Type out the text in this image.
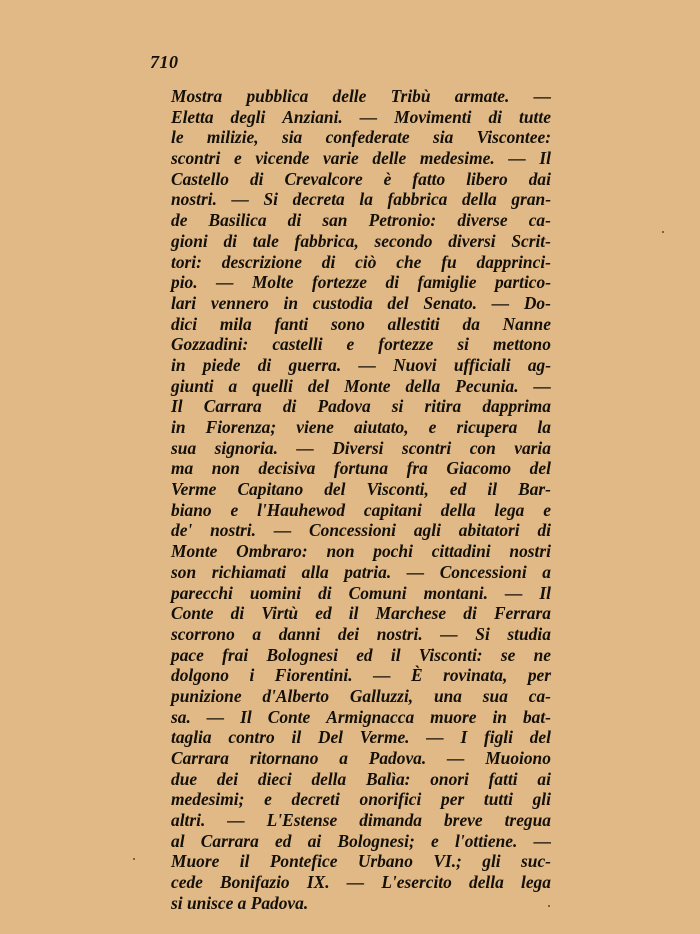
710
Mostra pubblica delle Tribù armate. —
Eletta degli Anziani. — Movimenti di tutte
le milizie, sia confederate sia Viscontee:
scontri e vicende varie delle medesime. — Il
Castello di Crevalcore è fatto libero dai
nostri. — Si decreta la fabbrica della gran-
de Basilica di san Petronio: diverse ca-
gioni di tale fabbrica, secondo diversi Scrit-
tori: descrizione di ciò che fu dapprinci-
pio. — Molte fortezze di famiglie partico-
lari vennero in custodia del Senato. — Do-
dici mila fanti sono allestiti da Nanne
Gozzadini: castelli e fortezze si mettono
in piede di guerra. — Nuovi ufficiali ag-
giunti a quelli del Monte della Pecunia. —
Il Carrara di Padova si ritira dapprima
in Fiorenza; viene aiutato, e ricupera la
sua signoria. — Diversi scontri con varia
ma non decisiva fortuna fra Giacomo del
Verme Capitano del Visconti, ed il Bar-
biano e l'Hauhewod capitani della lega e
de' nostri. — Concessioni agli abitatori di
Monte Ombraro: non pochi cittadini nostri
son richiamati alla patria. — Concessioni a
parecchi uomini di Comuni montani. — Il
Conte di Virtù ed il Marchese di Ferrara
scorrono a danni dei nostri. — Si studia
pace frai Bolognesi ed il Visconti: se ne
dolgono i Fiorentini. — È rovinata, per
punizione d'Alberto Galluzzi, una sua ca-
sa. — Il Conte Armignacca muore in bat-
taglia contro il Del Verme. — I figli del
Carrara ritornano a Padova. — Muoiono
due dei dieci della Balìa: onori fatti ai
medesimi; e decreti onorifici per tutti gli
altri. — L'Estense dimanda breve tregua
al Carrara ed ai Bolognesi; e l'ottiene. —
Muore il Pontefice Urbano VI.; gli suc-
cede Bonifazio IX. — L'esercito della lega
si unisce a Padova.
